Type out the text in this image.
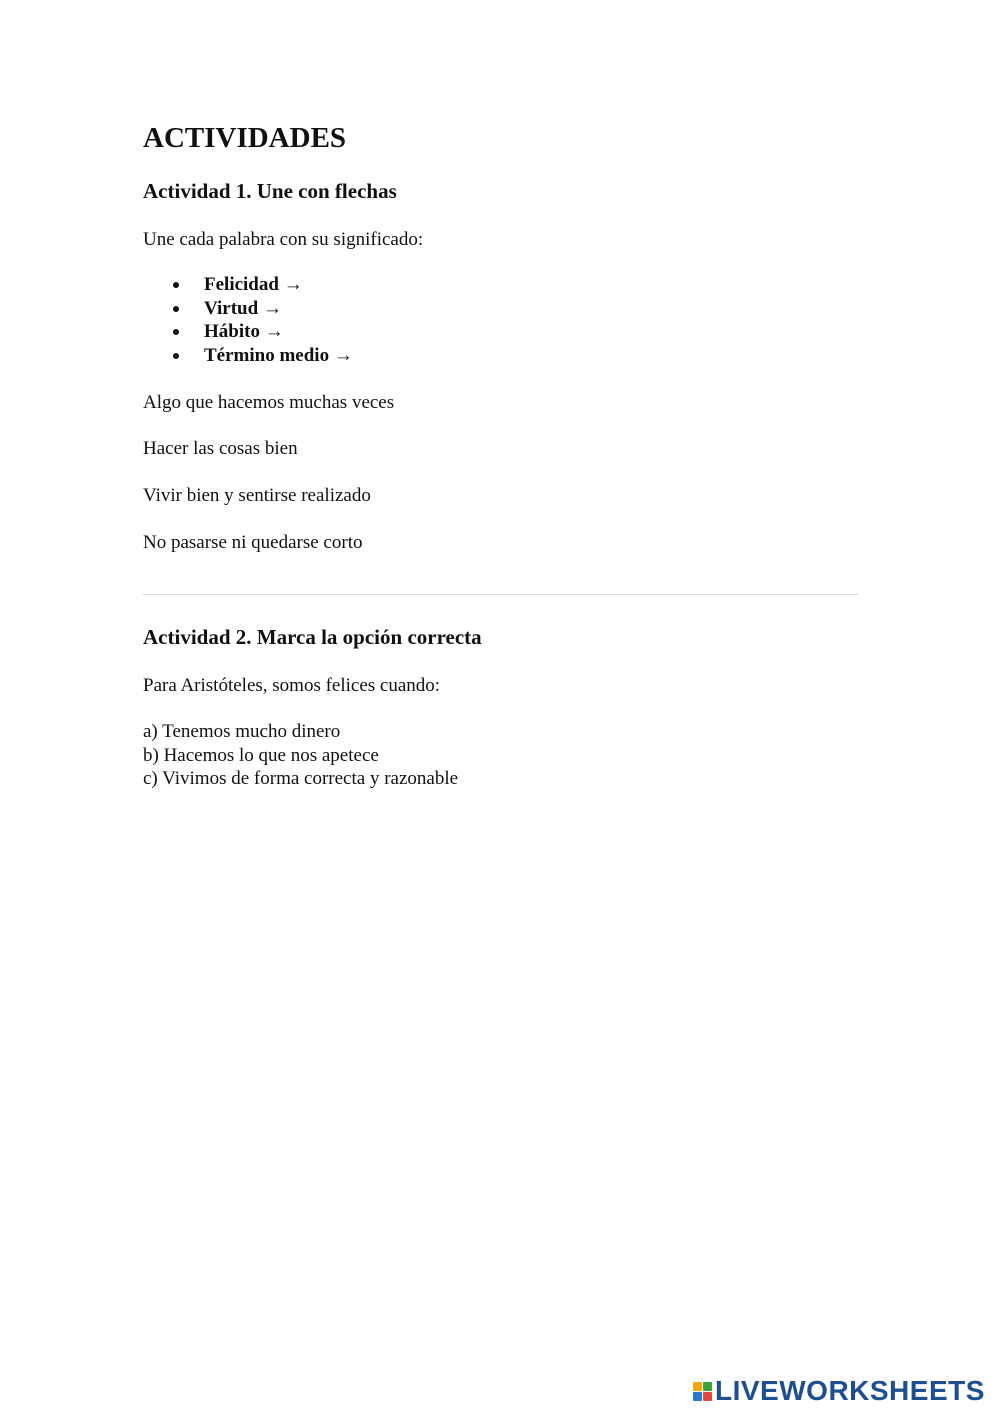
ACTIVIDADES
Actividad 1. Une con flechas

Une cada palabra con su significado:

Felicidad →
Virtud →
Hábito →
Término medio →

Algo que hacemos muchas veces

Hacer las cosas bien

Vivir bien y sentirse realizado

No pasarse ni quedarse corto

Actividad 2. Marca la opción correcta

Para Aristóteles, somos felices cuando:

a) Tenemos mucho dinero
b) Hacemos lo que nos apetece
c) Vivimos de forma correcta y razonable
LIVEWORKSHEETS
